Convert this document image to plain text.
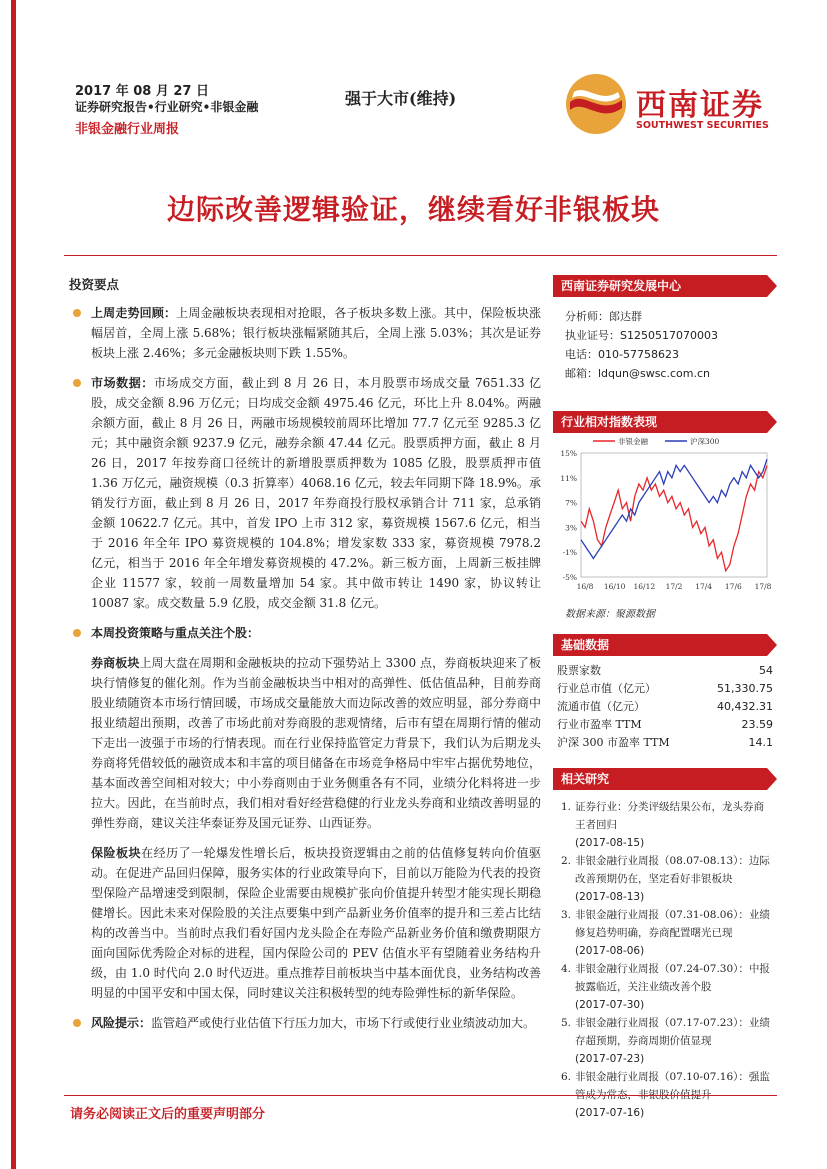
2017 年 08 月 27 日
证券研究报告•行业研究•非银金融
非银金融行业周报
强于大市(维持)	西南证券
SOUTHWEST SECURITIES
边际改善逻辑验证，继续看好非银板块
投资要点
上周走势回顾：上周金融板块表现相对抢眼，各子板块多数上涨。其中，保险板块涨幅居首，全周上涨 5.68%；银行板块涨幅紧随其后，全周上涨 5.03%；其次是证券板块上涨 2.46%；多元金融板块则下跌 1.55%。
市场数据：市场成交方面，截止到 8 月 26 日，本月股票市场成交量 7651.33 亿股，成交金额 8.96 万亿元；日均成交金额 4975.46 亿元，环比上升 8.04%。两融余额方面，截止 8 月 26 日，两融市场规模较前周环比增加 77.7 亿元至 9285.3 亿元；其中融资余额 9237.9 亿元，融券余额 47.44 亿元。股票质押方面，截止 8 月 26 日，2017 年按券商口径统计的新增股票质押数为 1085 亿股，股票质押市值 1.36 万亿元，融资规模（0.3 折算率）4068.16 亿元，较去年同期下降 18.9%。承销发行方面，截止到 8 月 26 日，2017 年券商投行股权承销合计 711 家，总承销金额 10622.7 亿元。其中，首发 IPO 上市 312 家，募资规模 1567.6 亿元，相当于 2016 年全年 IPO 募资规模的 104.8%；增发家数 333 家，募资规模 7978.2 亿元，相当于 2016 年全年增发募资规模的 47.2%。新三板方面，上周新三板挂牌企业 11577 家，较前一周数量增加 54 家。其中做市转让 1490 家，协议转让 10087 家。成交数量 5.9 亿股，成交金额 31.8 亿元。
本周投资策略与重点关注个股：

券商板块上周大盘在周期和金融板块的拉动下强势站上 3300 点，券商板块迎来了板块行情修复的催化剂。作为当前金融板块当中相对的高弹性、低估值品种，目前券商股业绩随资本市场行情回暖，市场成交量能放大而边际改善的效应明显，部分券商中报业绩超出预期，改善了市场此前对券商股的悲观情绪，后市有望在周期行情的催动下走出一波强于市场的行情表现。而在行业保持监管定力背景下，我们认为后期龙头券商将凭借较低的融资成本和丰富的项目储备在市场竞争格局中牢牢占据优势地位，基本面改善空间相对较大；中小券商则由于业务侧重各有不同，业绩分化料将进一步拉大。因此，在当前时点，我们相对看好经营稳健的行业龙头券商和业绩改善明显的弹性券商，建议关注华泰证券及国元证券、山西证券。

保险板块在经历了一轮爆发性增长后，板块投资逻辑由之前的估值修复转向价值驱动。在促进产品回归保障，服务实体的行业政策导向下，目前以万能险为代表的投资型保险产品增速受到限制，保险企业需要由规模扩张向价值提升转型才能实现长期稳健增长。因此未来对保险股的关注点要集中到产品新业务价值率的提升和三差占比结构的改善当中。当前时点我们看好国内龙头险企在寿险产品新业务价值和缴费期限方面向国际优秀险企对标的进程，国内保险公司的 PEV 估值水平有望随着业务结构升级，由 1.0 时代向 2.0 时代迈进。重点推荐目前板块当中基本面优良，业务结构改善明显的中国平安和中国太保，同时建议关注积极转型的纯寿险弹性标的新华保险。

风险提示：监管趋严或使行业估值下行压力加大，市场下行或使行业业绩波动加大。
西南证券研究发展中心
分析师：郎达群
执业证号：S1250517070003
电话：010-57758623
邮箱：ldqun@swsc.com.cn
行业相对指数表现
15%
11%
7%
3%
-1%
-5%
16/8 16/10 16/12 17/2 17/4 17/6 17/8
非银金融	沪深300
数据来源：聚源数据
基础数据
股票家数	54
行业总市值（亿元）	51,330.75
流通市值（亿元）	40,432.31
行业市盈率 TTM	23.59
沪深 300 市盈率 TTM	14.1
相关研究
1. 证券行业：分类评级结果公布，龙头券商王者回归
(2017-08-15)
2. 非银金融行业周报（08.07-08.13）：边际改善预期仍在，坚定看好非银板块
(2017-08-13)
3. 非银金融行业周报（07.31-08.06）：业绩修复趋势明确，券商配置曙光已现
(2017-08-06)
4. 非银金融行业周报（07.24-07.30）：中报披露临近，关注业绩改善个股
(2017-07-30)
5. 非银金融行业周报（07.17-07.23）：业绩存超预期，券商周期价值显现
(2017-07-23)
6. 非银金融行业周报（07.10-07.16）：强监管成为常态，非银股价值提升
(2017-07-16)
请务必阅读正文后的重要声明部分
